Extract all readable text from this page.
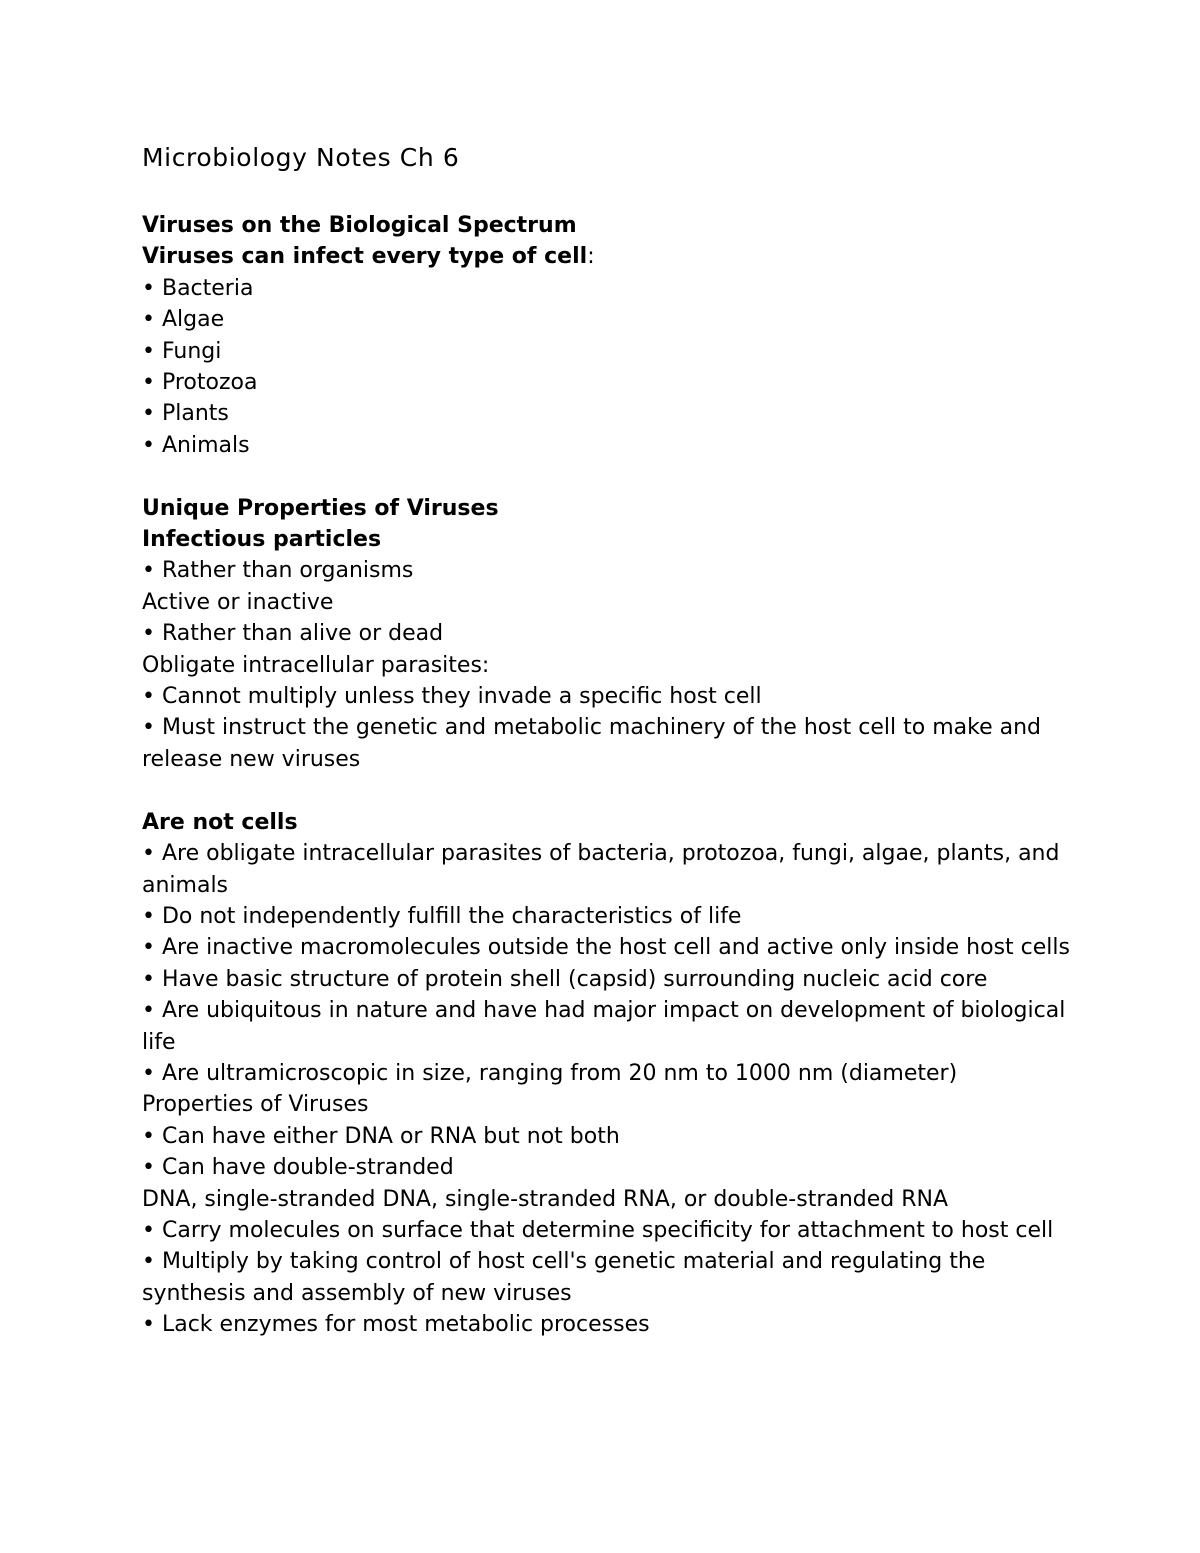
Microbiology Notes Ch 6
Viruses on the Biological Spectrum
Viruses can infect every type of cell:
• Bacteria
• Algae
• Fungi
• Protozoa
• Plants
• Animals
Unique Properties of Viruses
Infectious particles
• Rather than organisms
Active or inactive
• Rather than alive or dead
Obligate intracellular parasites:
• Cannot multiply unless they invade a specific host cell
• Must instruct the genetic and metabolic machinery of the host cell to make and release new viruses
Are not cells
• Are obligate intracellular parasites of bacteria, protozoa, fungi, algae, plants, and animals
• Do not independently fulfill the characteristics of life
• Are inactive macromolecules outside the host cell and active only inside host cells
• Have basic structure of protein shell (capsid) surrounding nucleic acid core
• Are ubiquitous in nature and have had major impact on development of biological life
• Are ultramicroscopic in size, ranging from 20 nm to 1000 nm (diameter)
Properties of Viruses
• Can have either DNA or RNA but not both
• Can have double-stranded
DNA, single-stranded DNA, single-stranded RNA, or double-stranded RNA
• Carry molecules on surface that determine specificity for attachment to host cell
• Multiply by taking control of host cell's genetic material and regulating the synthesis and assembly of new viruses
• Lack enzymes for most metabolic processes
